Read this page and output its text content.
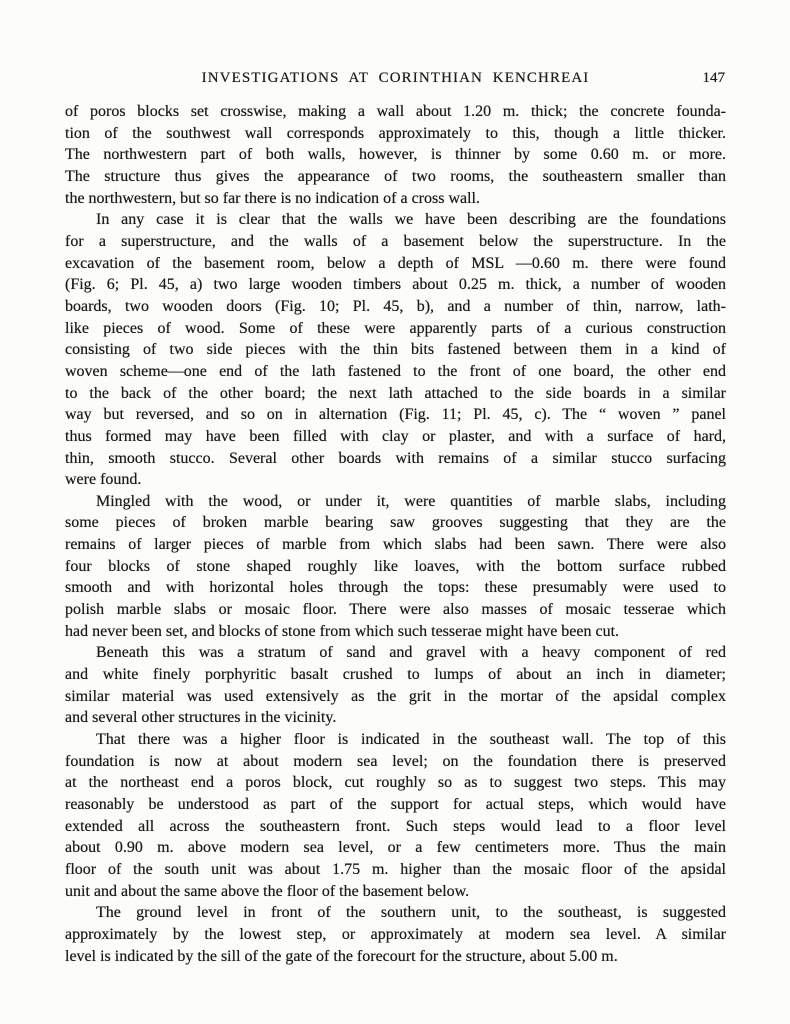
INVESTIGATIONS AT CORINTHIAN KENCHREAI	147

of poros blocks set crosswise, making a wall about 1.20 m. thick; the concrete founda-
tion of the southwest wall corresponds approximately to this, though a little thicker.
The northwestern part of both walls, however, is thinner by some 0.60 m. or more.
The structure thus gives the appearance of two rooms, the southeastern smaller than
the northwestern, but so far there is no indication of a cross wall.

In any case it is clear that the walls we have been describing are the foundations
for a superstructure, and the walls of a basement below the superstructure. In the
excavation of the basement room, below a depth of MSL —0.60 m. there were found
(Fig. 6; Pl. 45, a) two large wooden timbers about 0.25 m. thick, a number of wooden
boards, two wooden doors (Fig. 10; Pl. 45, b), and a number of thin, narrow, lath-
like pieces of wood. Some of these were apparently parts of a curious construction
consisting of two side pieces with the thin bits fastened between them in a kind of
woven scheme—one end of the lath fastened to the front of one board, the other end
to the back of the other board; the next lath attached to the side boards in a similar
way but reversed, and so on in alternation (Fig. 11; Pl. 45, c). The “ woven ” panel
thus formed may have been filled with clay or plaster, and with a surface of hard,
thin, smooth stucco. Several other boards with remains of a similar stucco surfacing
were found.

Mingled with the wood, or under it, were quantities of marble slabs, including
some pieces of broken marble bearing saw grooves suggesting that they are the
remains of larger pieces of marble from which slabs had been sawn. There were also
four blocks of stone shaped roughly like loaves, with the bottom surface rubbed
smooth and with horizontal holes through the tops: these presumably were used to
polish marble slabs or mosaic floor. There were also masses of mosaic tesserae which
had never been set, and blocks of stone from which such tesserae might have been cut.

Beneath this was a stratum of sand and gravel with a heavy component of red
and white finely porphyritic basalt crushed to lumps of about an inch in diameter;
similar material was used extensively as the grit in the mortar of the apsidal complex
and several other structures in the vicinity.

That there was a higher floor is indicated in the southeast wall. The top of this
foundation is now at about modern sea level; on the foundation there is preserved
at the northeast end a poros block, cut roughly so as to suggest two steps. This may
reasonably be understood as part of the support for actual steps, which would have
extended all across the southeastern front. Such steps would lead to a floor level
about 0.90 m. above modern sea level, or a few centimeters more. Thus the main
floor of the south unit was about 1.75 m. higher than the mosaic floor of the apsidal
unit and about the same above the floor of the basement below.

The ground level in front of the southern unit, to the southeast, is suggested
approximately by the lowest step, or approximately at modern sea level. A similar
level is indicated by the sill of the gate of the forecourt for the structure, about 5.00 m.
